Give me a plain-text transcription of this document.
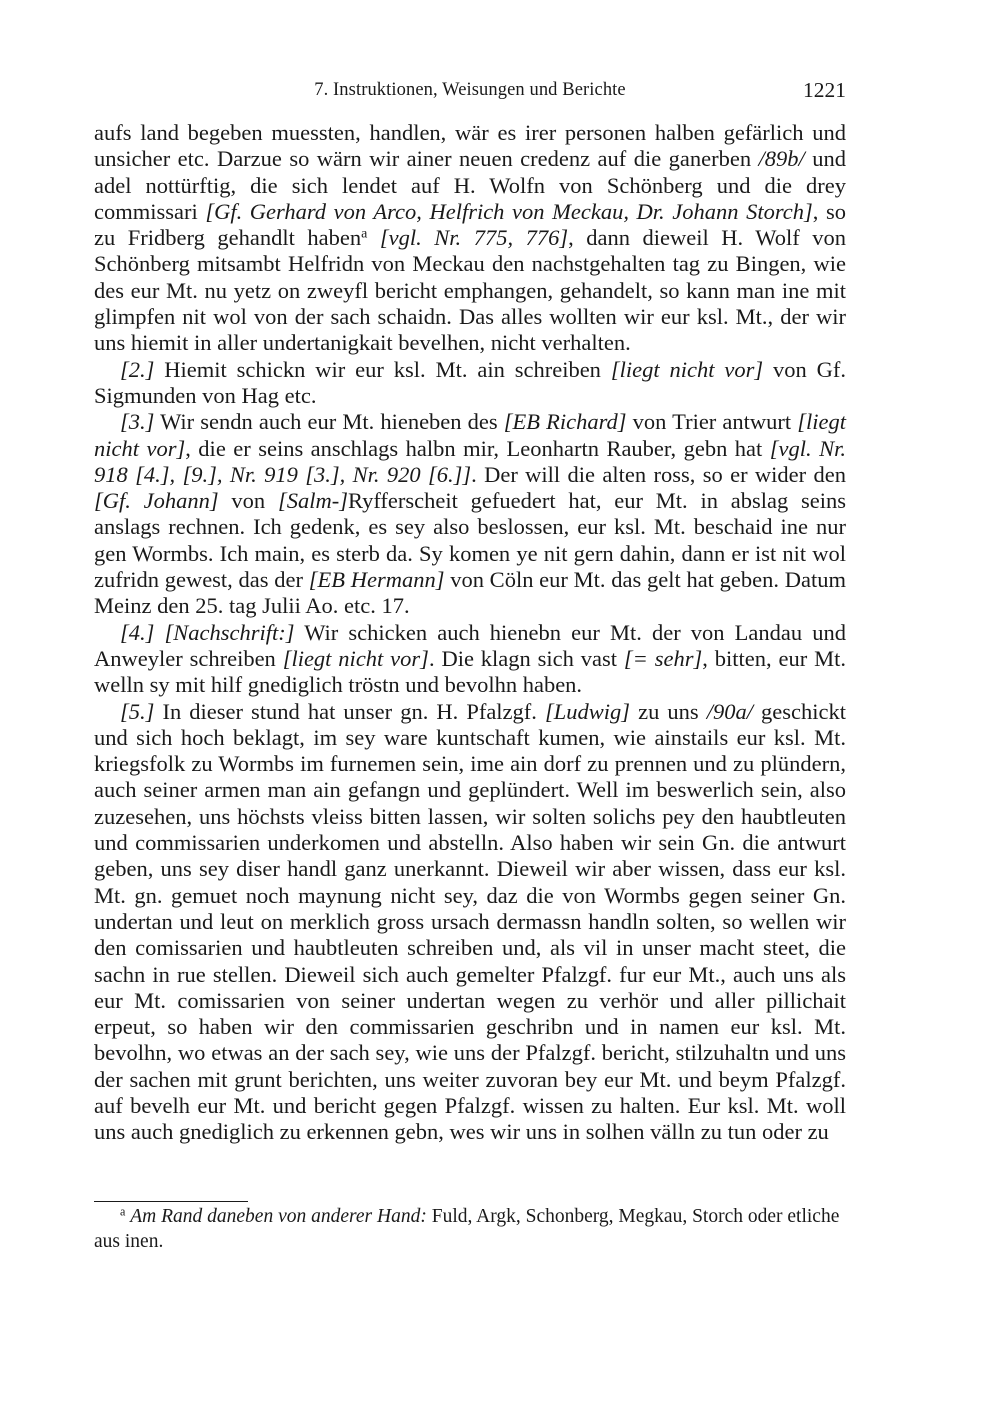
7. Instruktionen, Weisungen und Berichte	1221

aufs land begeben muessten, handlen, wär es irer personen halben gefärlich und unsicher etc. Darzue so wärn wir ainer neuen credenz auf die ganerben /89b/ und adel nottürftig, die sich lendet auf H. Wolfn von Schönberg und die drey commissari [Gf. Gerhard von Arco, Helfrich von Meckau, Dr. Johann Storch], so zu Fridberg gehandlt haben$^a$ [vgl. Nr. 775, 776], dann dieweil H. Wolf von Schönberg mitsambt Helfridn von Meckau den nachstgehalten tag zu Bingen, wie des eur Mt. nu yetz on zweyfl bericht emphangen, gehandelt, so kann man ine mit glimpfen nit wol von der sach schaidn. Das alles wollten wir eur ksl. Mt., der wir uns hiemit in aller undertanigkait bevelhen, nicht verhalten.

[2.] Hiemit schickn wir eur ksl. Mt. ain schreiben [liegt nicht vor] von Gf. Sigmunden von Hag etc.

[3.] Wir sendn auch eur Mt. hieneben des [EB Richard] von Trier antwurt [liegt nicht vor], die er seins anschlags halbn mir, Leonhartn Rauber, gebn hat [vgl. Nr. 918 [4.], [9.], Nr. 919 [3.], Nr. 920 [6.]]. Der will die alten ross, so er wider den [Gf. Johann] von [Salm-]Ryfferscheit gefuedert hat, eur Mt. in abslag seins anslags rechnen. Ich gedenk, es sey also beslossen, eur ksl. Mt. beschaid ine nur gen Wormbs. Ich main, es sterb da. Sy komen ye nit gern dahin, dann er ist nit wol zufridn gewest, das der [EB Hermann] von Cöln eur Mt. das gelt hat geben. Datum Meinz den 25. tag Julii Ao. etc. 17.

[4.] [Nachschrift:] Wir schicken auch hienebn eur Mt. der von Landau und Anweyler schreiben [liegt nicht vor]. Die klagn sich vast [= sehr], bitten, eur Mt. welln sy mit hilf gnediglich tröstn und bevolhn haben.

[5.] In dieser stund hat unser gn. H. Pfalzgf. [Ludwig] zu uns /90a/ geschickt und sich hoch beklagt, im sey ware kuntschaft kumen, wie ainstails eur ksl. Mt. kriegsfolk zu Wormbs im furnemen sein, ime ain dorf zu prennen und zu plündern, auch seiner armen man ain gefangn und geplündert. Well im beswerlich sein, also zuzesehen, uns höchsts vleiss bitten lassen, wir solten solichs pey den haubtleuten und commissarien underkomen und abstelln. Also haben wir sein Gn. die antwurt geben, uns sey diser handl ganz unerkannt. Dieweil wir aber wissen, dass eur ksl. Mt. gn. gemuet noch maynung nicht sey, daz die von Wormbs gegen seiner Gn. undertan und leut on merklich gross ursach dermassn handln solten, so wellen wir den comissarien und haubtleuten schreiben und, als vil in unser macht steet, die sachn in rue stellen. Dieweil sich auch gemelter Pfalzgf. fur eur Mt., auch uns als eur Mt. comissarien von seiner undertan wegen zu verhör und aller pillichait erpeut, so haben wir den commissarien geschribn und in namen eur ksl. Mt. bevolhn, wo etwas an der sach sey, wie uns der Pfalzgf. bericht, stilzuhaltn und uns der sachen mit grunt berichten, uns weiter zuvoran bey eur Mt. und beym Pfalzgf. auf bevelh eur Mt. und bericht gegen Pfalzgf. wissen zu halten. Eur ksl. Mt. woll uns auch gnediglich zu erkennen gebn, wes wir uns in solhen välln zu tun oder zu

$^a$ Am Rand daneben von anderer Hand: Fuld, Argk, Schonberg, Megkau, Storch oder etliche aus inen.
